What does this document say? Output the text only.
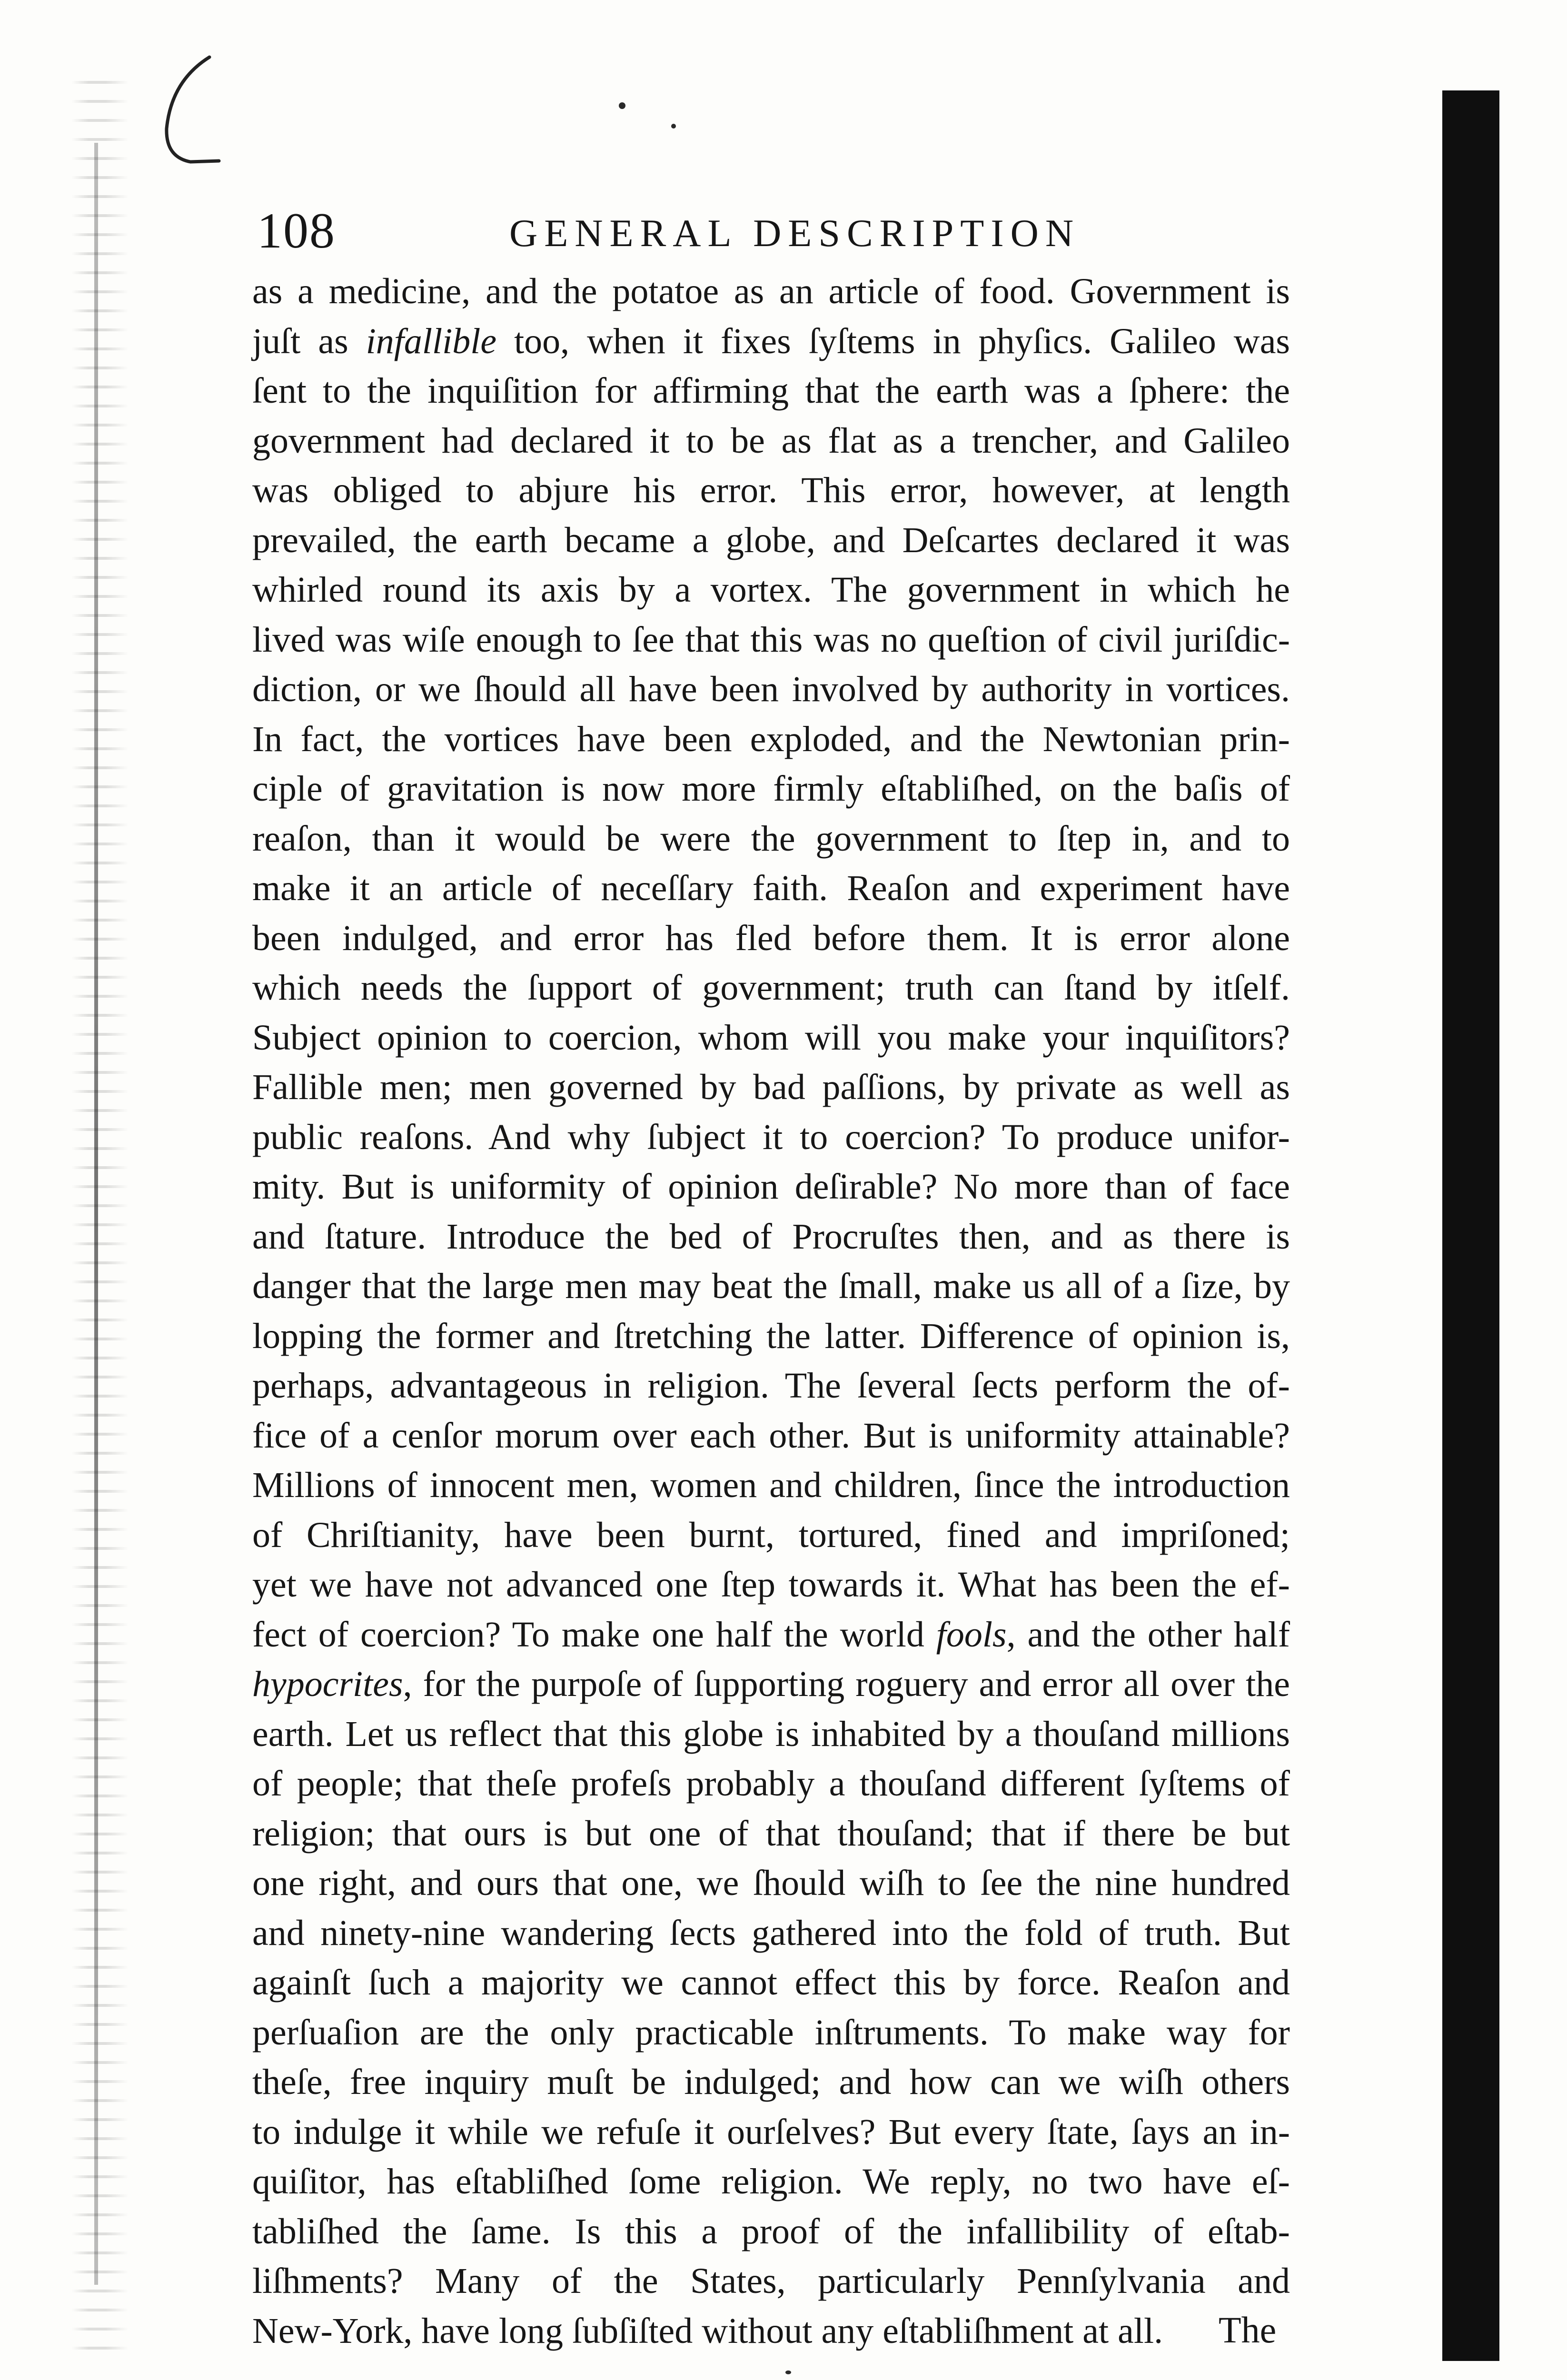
108	GENERAL DESCRIPTION
as a medicine, and the potatoe as an article of food. Government is
juſt as infallible too, when it fixes ſyſtems in phyſics. Galileo was
ſent to the inquiſition for affirming that the earth was a ſphere: the
government had declared it to be as flat as a trencher, and Galileo
was obliged to abjure his error. This error, however, at length
prevailed, the earth became a globe, and Deſcartes declared it was
whirled round its axis by a vortex. The government in which he
lived was wiſe enough to ſee that this was no queſtion of civil juriſdic-
diction, or we ſhould all have been involved by authority in vortices.
In fact, the vortices have been exploded, and the Newtonian prin-
ciple of gravitation is now more firmly eſtabliſhed, on the baſis of
reaſon, than it would be were the government to ſtep in, and to
make it an article of neceſſary faith. Reaſon and experiment have
been indulged, and error has fled before them. It is error alone
which needs the ſupport of government; truth can ſtand by itſelf.
Subject opinion to coercion, whom will you make your inquiſitors?
Fallible men; men governed by bad paſſions, by private as well as
public reaſons. And why ſubject it to coercion? To produce unifor-
mity. But is uniformity of opinion deſirable? No more than of face
and ſtature. Introduce the bed of Procruſtes then, and as there is
danger that the large men may beat the ſmall, make us all of a ſize, by
lopping the former and ſtretching the latter. Difference of opinion is,
perhaps, advantageous in religion. The ſeveral ſects perform the of-
fice of a cenſor morum over each other. But is uniformity attainable?
Millions of innocent men, women and children, ſince the introduction
of Chriſtianity, have been burnt, tortured, fined and impriſoned;
yet we have not advanced one ſtep towards it. What has been the ef-
fect of coercion? To make one half the world fools, and the other half
hypocrites, for the purpoſe of ſupporting roguery and error all over the
earth. Let us reflect that this globe is inhabited by a thouſand millions
of people; that theſe profeſs probably a thouſand different ſyſtems of
religion; that ours is but one of that thouſand; that if there be but
one right, and ours that one, we ſhould wiſh to ſee the nine hundred
and ninety-nine wandering ſects gathered into the fold of truth. But
againſt ſuch a majority we cannot effect this by force. Reaſon and
perſuaſion are the only practicable inſtruments. To make way for
theſe, free inquiry muſt be indulged; and how can we wiſh others
to indulge it while we refuſe it ourſelves? But every ſtate, ſays an in-
quiſitor, has eſtabliſhed ſome religion. We reply, no two have eſ-
tabliſhed the ſame. Is this a proof of the infallibility of eſtab-
liſhments? Many of the States, particularly Pennſylvania and
New-York, have long ſubſiſted without any eſtabliſhment at all.	The
